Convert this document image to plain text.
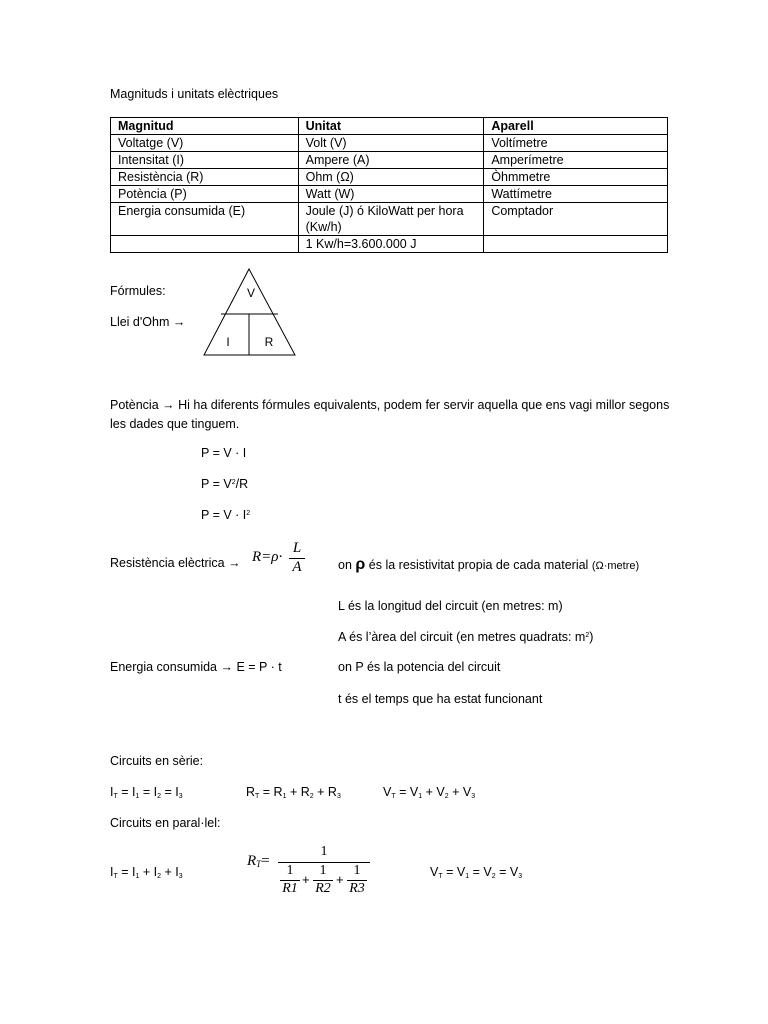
Magnituds i unitats elèctriques
Magnitud	Unitat	Aparell
Voltatge (V)	Volt (V)	Voltímetre
Intensitat (I)	Ampere (A)	Amperímetre
Resistència (R)	Ohm (Ω)	Òhmmetre
Potència (P)	Watt (W)	Wattímetre
Energia consumida (E)	Joule (J) ó KiloWatt per hora (Kw/h)	Comptador
	1 Kw/h=3.600.000 J	
Fórmules:
Llei d'Ohm →
V
I	R
Potència → Hi ha diferents fórmules equivalents, podem fer servir aquella que ens vagi millor segons les dades que tinguem.
P = V · I
$P = V^2/R$
$P = V \cdot I^2$
Resistència elèctrica → R=ρ·
L
A	on ρ és la resistivitat propia de cada material (Ω·metre)
L és la longitud del circuit (en metres: m)
A és l’àrea del circuit (en metres quadrats: $m^2$)
Energia consumida → E = P · t	on P és la potencia del circuit
t és el temps que ha estat funcionant
Circuits en sèrie:
$I_T = I_1 = I_2 = I_3$	$R_T = R_1 + R_2 + R_3$	$V_T = V_1 + V_2 + V_3$
Circuits en paral·lel:
$I_T = I_1 + I_2 + I_3$
$R_T=$
1
1
R1
+
1
R2
+
1
R3
$V_T = V_1 = V_2 = V_3$
